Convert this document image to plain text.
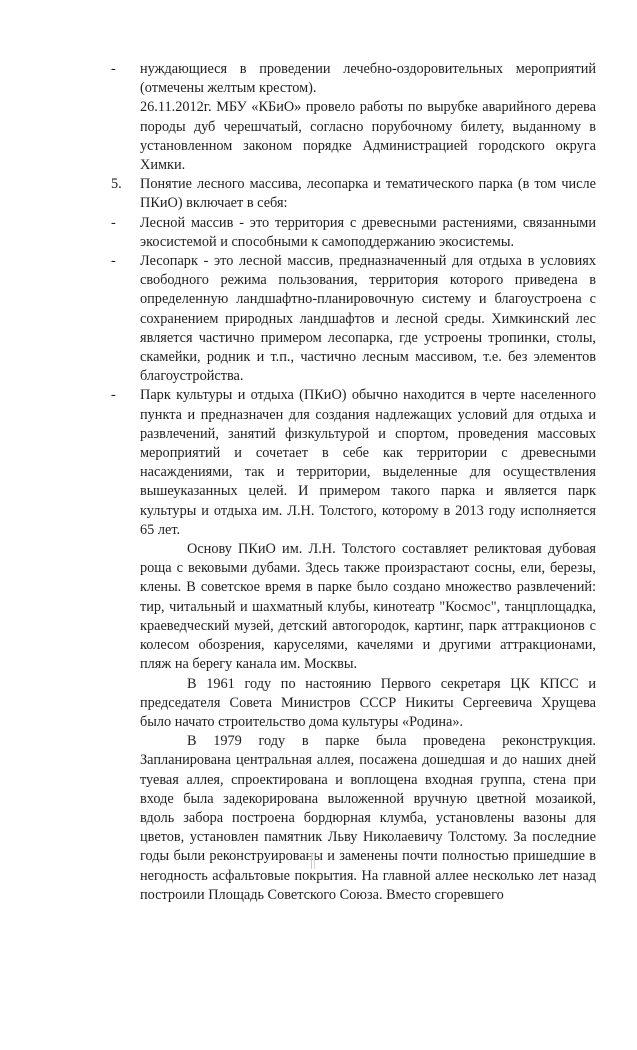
-	нуждающиеся в проведении лечебно-оздоровительных мероприятий (отмечены желтым крестом).
26.11.2012г. МБУ «КБиО» провело работы по вырубке аварийного дерева породы дуб черешчатый, согласно порубочному билету, выданному в установленном законом порядке Администрацией городского округа Химки.
5.	Понятие лесного массива, лесопарка и тематического парка (в том числе ПКиО) включает в себя:
-	Лесной массив - это территория с древесными растениями, связанными экосистемой и способными к самоподдержанию экосистемы.
-	Лесопарк - это лесной массив, предназначенный для отдыха в условиях свободного режима пользования, территория которого приведена в определенную ландшафтно-планировочную систему и благоустроена с сохранением природных ландшафтов и лесной среды. Химкинский лес является частично примером лесопарка, где устроены тропинки, столы, скамейки, родник и т.п., частично лесным массивом, т.е. без элементов благоустройства.
-	Парк культуры и отдыха (ПКиО) обычно находится в черте населенного пункта и предназначен для создания надлежащих условий для отдыха и развлечений, занятий физкультурой и спортом, проведения массовых мероприятий и сочетает в себе как территории с древесными насаждениями, так и территории, выделенные для осуществления вышеуказанных целей. И примером такого парка и является парк культуры и отдыха им. Л.Н. Толстого, которому в 2013 году исполняется 65 лет.
Основу ПКиО им. Л.Н. Толстого составляет реликтовая дубовая роща с вековыми дубами. Здесь также произрастают сосны, ели, березы, клены. В советское время в парке было создано множество развлечений: тир, читальный и шахматный клубы, кинотеатр "Космос", танцплощадка, краеведческий музей, детский автогородок, картинг, парк аттракционов с колесом обозрения, каруселями, качелями и другими аттракционами, пляж на берегу канала им. Москвы.
В 1961 году по настоянию Первого секретаря ЦК КПСС и председателя Совета Министров СССР Никиты Сергеевича Хрущева было начато строительство дома культуры «Родина».
В 1979 году в парке была проведена реконструкция. Запланирована центральная аллея, посажена дошедшая и до наших дней туевая аллея, спроектирована и воплощена входная группа, стена при входе была задекорирована выложенной вручную цветной мозаикой, вдоль забора построена бордюрная клумба, установлены вазоны для цветов, установлен памятник Льву Николаевичу Толстому. За последние годы были реконструированы и заменены почти полностью пришедшие в негодность асфальтовые покрытия. На главной аллее несколько лет назад построили Площадь Советского Союза. Вместо сгоревшего
